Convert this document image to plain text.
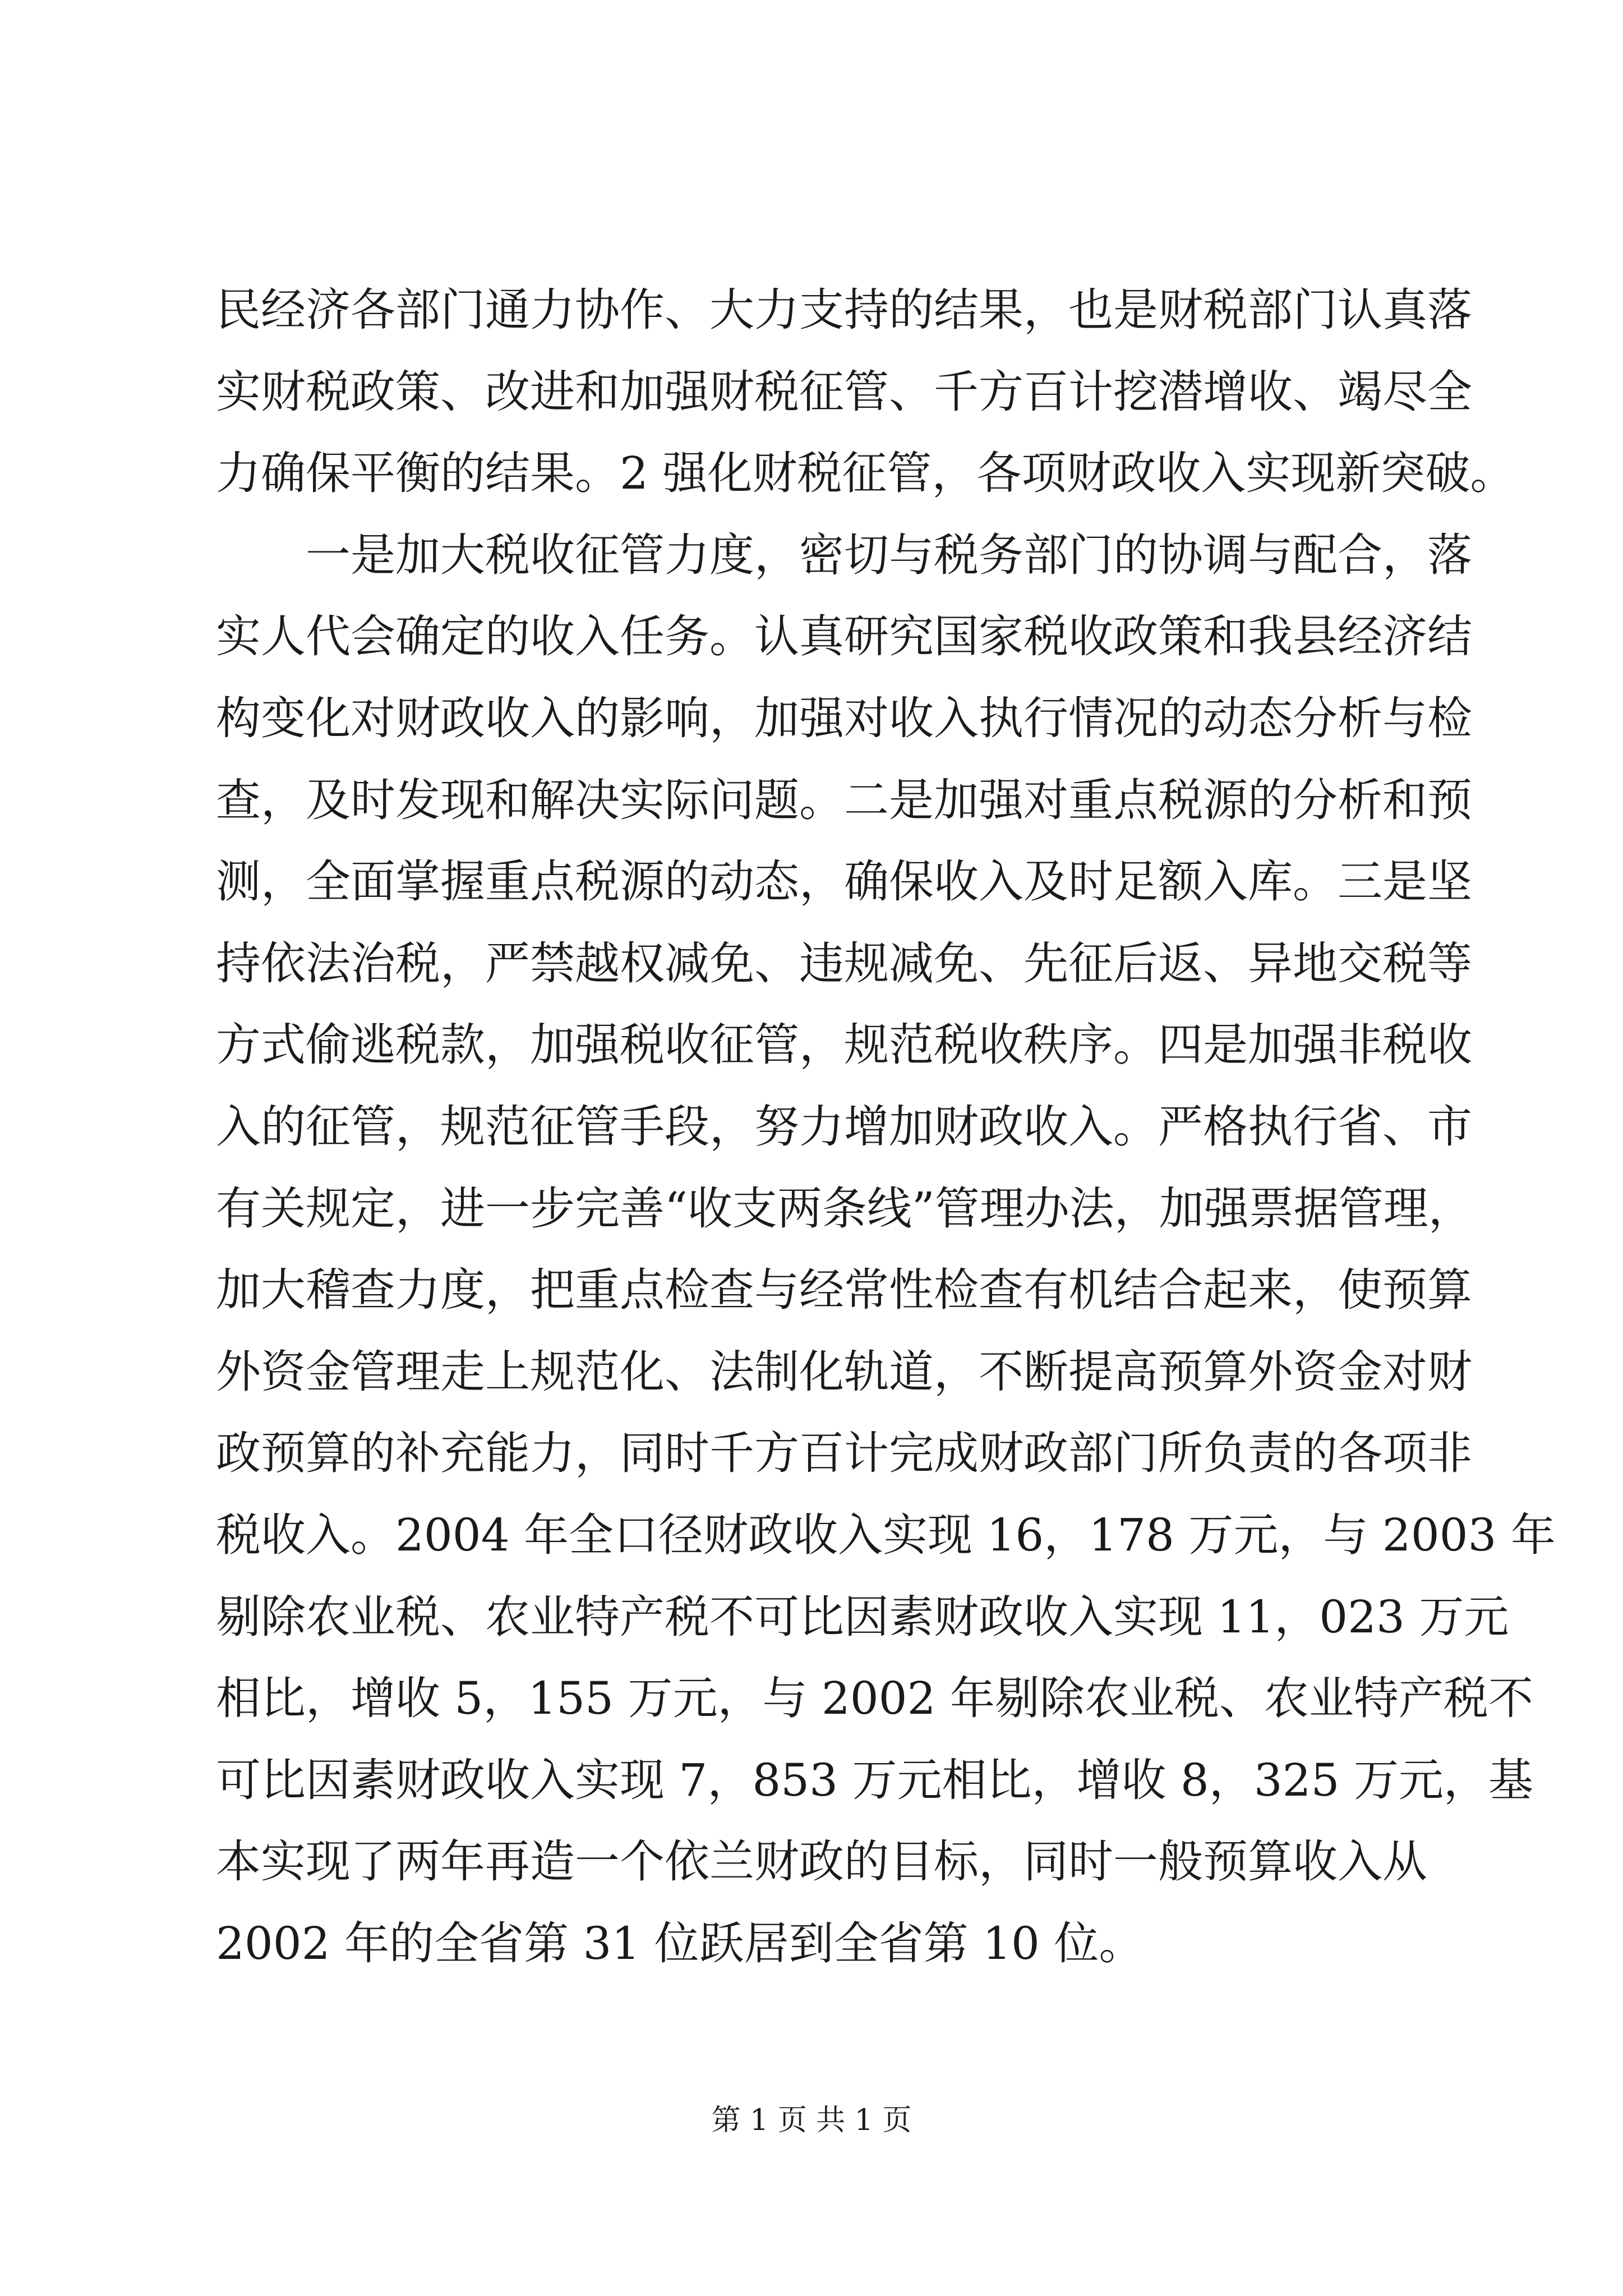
民经济各部门通力协作、大力支持的结果，也是财税部门认真落
实财税政策、改进和加强财税征管、千方百计挖潜增收、竭尽全
力确保平衡的结果。2 强化财税征管，各项财政收入实现新突破。
　　一是加大税收征管力度，密切与税务部门的协调与配合，落
实人代会确定的收入任务。认真研究国家税收政策和我县经济结
构变化对财政收入的影响，加强对收入执行情况的动态分析与检
查，及时发现和解决实际问题。二是加强对重点税源的分析和预
测，全面掌握重点税源的动态，确保收入及时足额入库。三是坚
持依法治税，严禁越权减免、违规减免、先征后返、异地交税等
方式偷逃税款，加强税收征管，规范税收秩序。四是加强非税收
入的征管，规范征管手段，努力增加财政收入。严格执行省、市
有关规定，进一步完善“收支两条线”管理办法，加强票据管理，
加大稽查力度，把重点检查与经常性检查有机结合起来，使预算
外资金管理走上规范化、法制化轨道，不断提高预算外资金对财
政预算的补充能力，同时千方百计完成财政部门所负责的各项非
税收入。2004 年全口径财政收入实现 16，178 万元，与 2003 年
剔除农业税、农业特产税不可比因素财政收入实现 11，023 万元
相比，增收 5，155 万元，与 2002 年剔除农业税、农业特产税不
可比因素财政收入实现 7，853 万元相比，增收 8，325 万元，基
本实现了两年再造一个依兰财政的目标，同时一般预算收入从
2002 年的全省第 31 位跃居到全省第 10 位。
第 1 页 共 1 页
